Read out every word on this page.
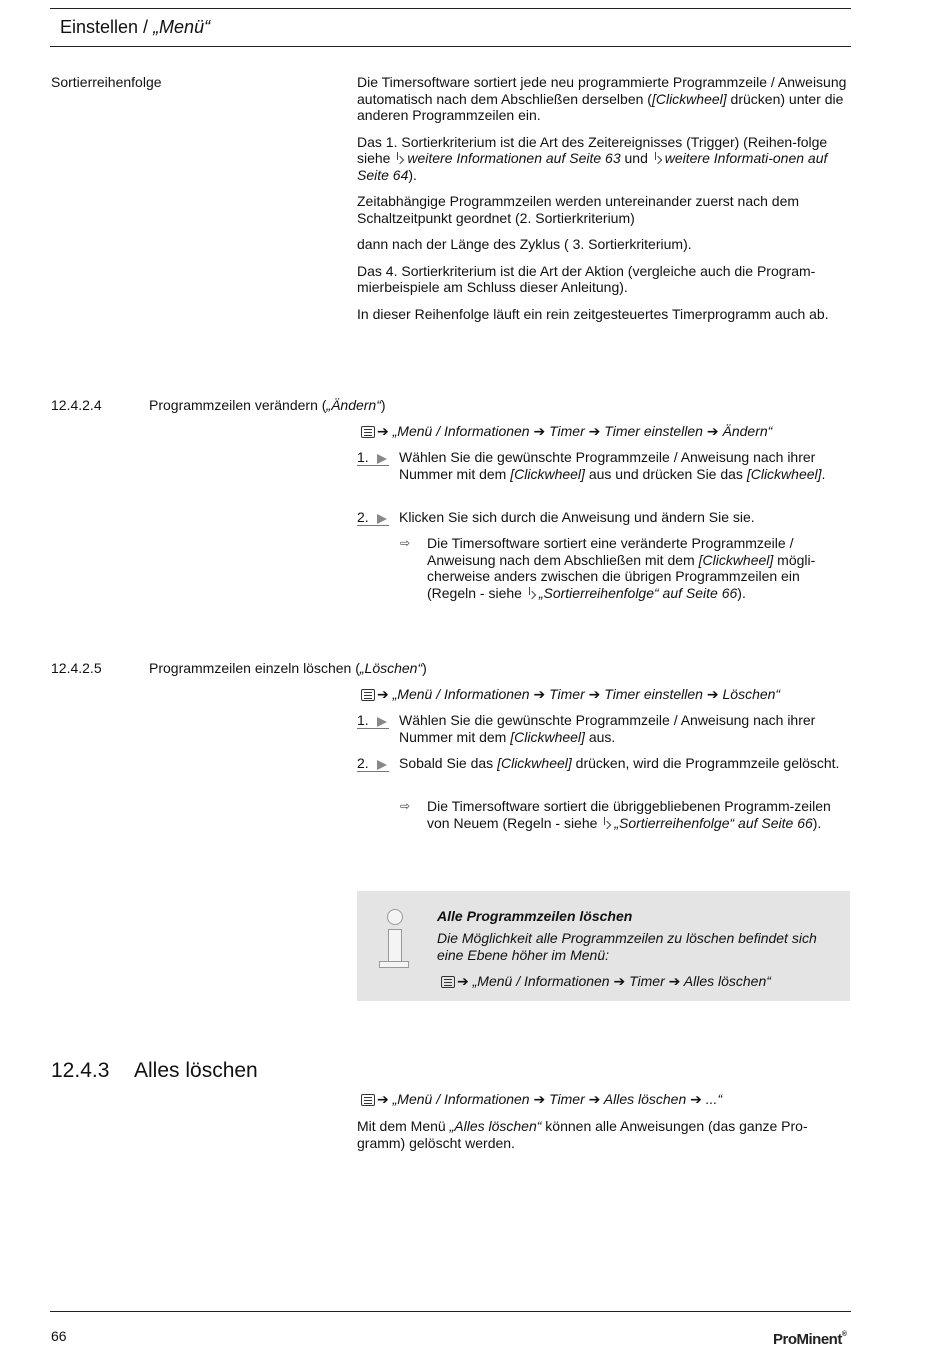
Einstellen / „Menü“
Sortierreihenfolge	Die Timersoftware sortiert jede neu programmierte Programmzeile / Anweisung automatisch nach dem Abschließen derselben ([Clickwheel] drücken) unter die anderen Programmzeilen ein.

Das 1. Sortierkriterium ist die Art des Zeitereignisses (Trigger) (Reihen-folge siehe weitere Informationen auf Seite 63 und weitere Informati-onen auf Seite 64).

Zeitabhängige Programmzeilen werden untereinander zuerst nach dem Schaltzeitpunkt geordnet (2. Sortierkriterium)

dann nach der Länge des Zyklus ( 3. Sortierkriterium).

Das 4. Sortierkriterium ist die Art der Aktion (vergleiche auch die Program-mierbeispiele am Schluss dieser Anleitung).

In dieser Reihenfolge läuft ein rein zeitgesteuertes Timerprogramm auch ab.

12.4.2.4	Programmzeilen verändern („Ändern“)
➔ „Menü / Informationen ➔ Timer ➔ Timer einstellen ➔ Ändern“
1.	Wählen Sie die gewünschte Programmzeile / Anweisung nach ihrer Nummer mit dem [Clickwheel] aus und drücken Sie das [Clickwheel].
2.	Klicken Sie sich durch die Anweisung und ändern Sie sie.
⇨ Die Timersoftware sortiert eine veränderte Programmzeile / Anweisung nach dem Abschließen mit dem [Clickwheel] mögli-cherweise anders zwischen die übrigen Programmzeilen ein (Regeln - siehe „Sortierreihenfolge“ auf Seite 66).
12.4.2.5	Programmzeilen einzeln löschen („Löschen“)
➔ „Menü / Informationen ➔ Timer ➔ Timer einstellen ➔ Löschen“
1.	Wählen Sie die gewünschte Programmzeile / Anweisung nach ihrer Nummer mit dem [Clickwheel] aus.
2.	Sobald Sie das [Clickwheel] drücken, wird die Programmzeile gelöscht.
⇨ Die Timersoftware sortiert die übriggebliebenen Programm-zeilen von Neuem (Regeln - siehe „Sortierreihenfolge“ auf Seite 66).
Alle Programmzeilen löschen
Die Möglichkeit alle Programmzeilen zu löschen befindet sich eine Ebene höher im Menü:
➔ „Menü / Informationen ➔ Timer ➔ Alles löschen“
12.4.3 Alles löschen
➔ „Menü / Informationen ➔ Timer ➔ Alles löschen ➔ ...“
Mit dem Menü „Alles löschen“ können alle Anweisungen (das ganze Pro-gramm) gelöscht werden.
66	ProMinent®
